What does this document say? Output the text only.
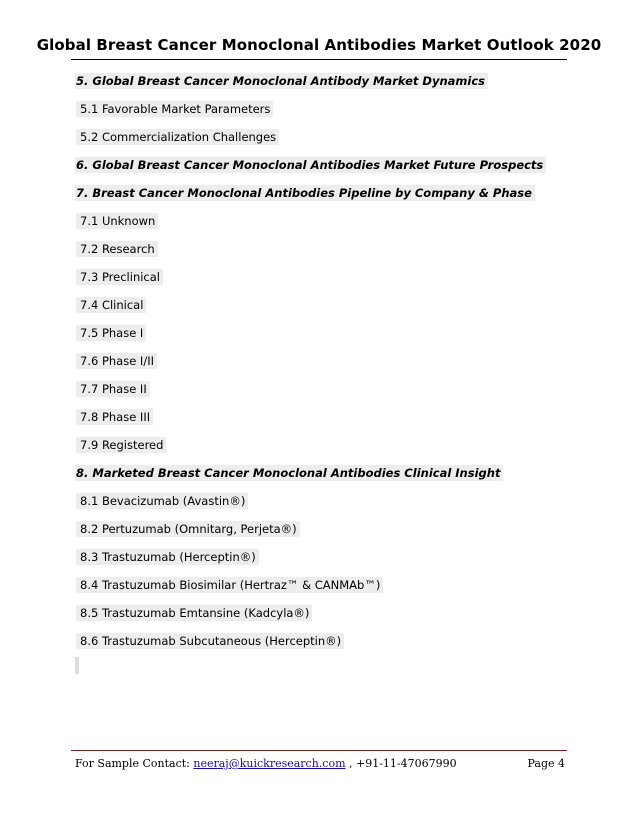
Global Breast Cancer Monoclonal Antibodies Market Outlook 2020
5. Global Breast Cancer Monoclonal Antibody Market Dynamics
5.1 Favorable Market Parameters
5.2 Commercialization Challenges
6. Global Breast Cancer Monoclonal Antibodies Market Future Prospects
7. Breast Cancer Monoclonal Antibodies Pipeline by Company & Phase
7.1 Unknown
7.2 Research
7.3 Preclinical
7.4 Clinical
7.5 Phase I
7.6 Phase I/II
7.7 Phase II
7.8 Phase III
7.9 Registered
8. Marketed Breast Cancer Monoclonal Antibodies Clinical Insight
8.1 Bevacizumab (Avastin®)
8.2 Pertuzumab (Omnitarg, Perjeta®)
8.3 Trastuzumab (Herceptin®)
8.4 Trastuzumab Biosimilar (Hertraz™ & CANMAb™)
8.5 Trastuzumab Emtansine (Kadcyla®)
8.6 Trastuzumab Subcutaneous (Herceptin®)
For Sample Contact: neeraj@kuickresearch.com , +91-11-47067990	Page 4
